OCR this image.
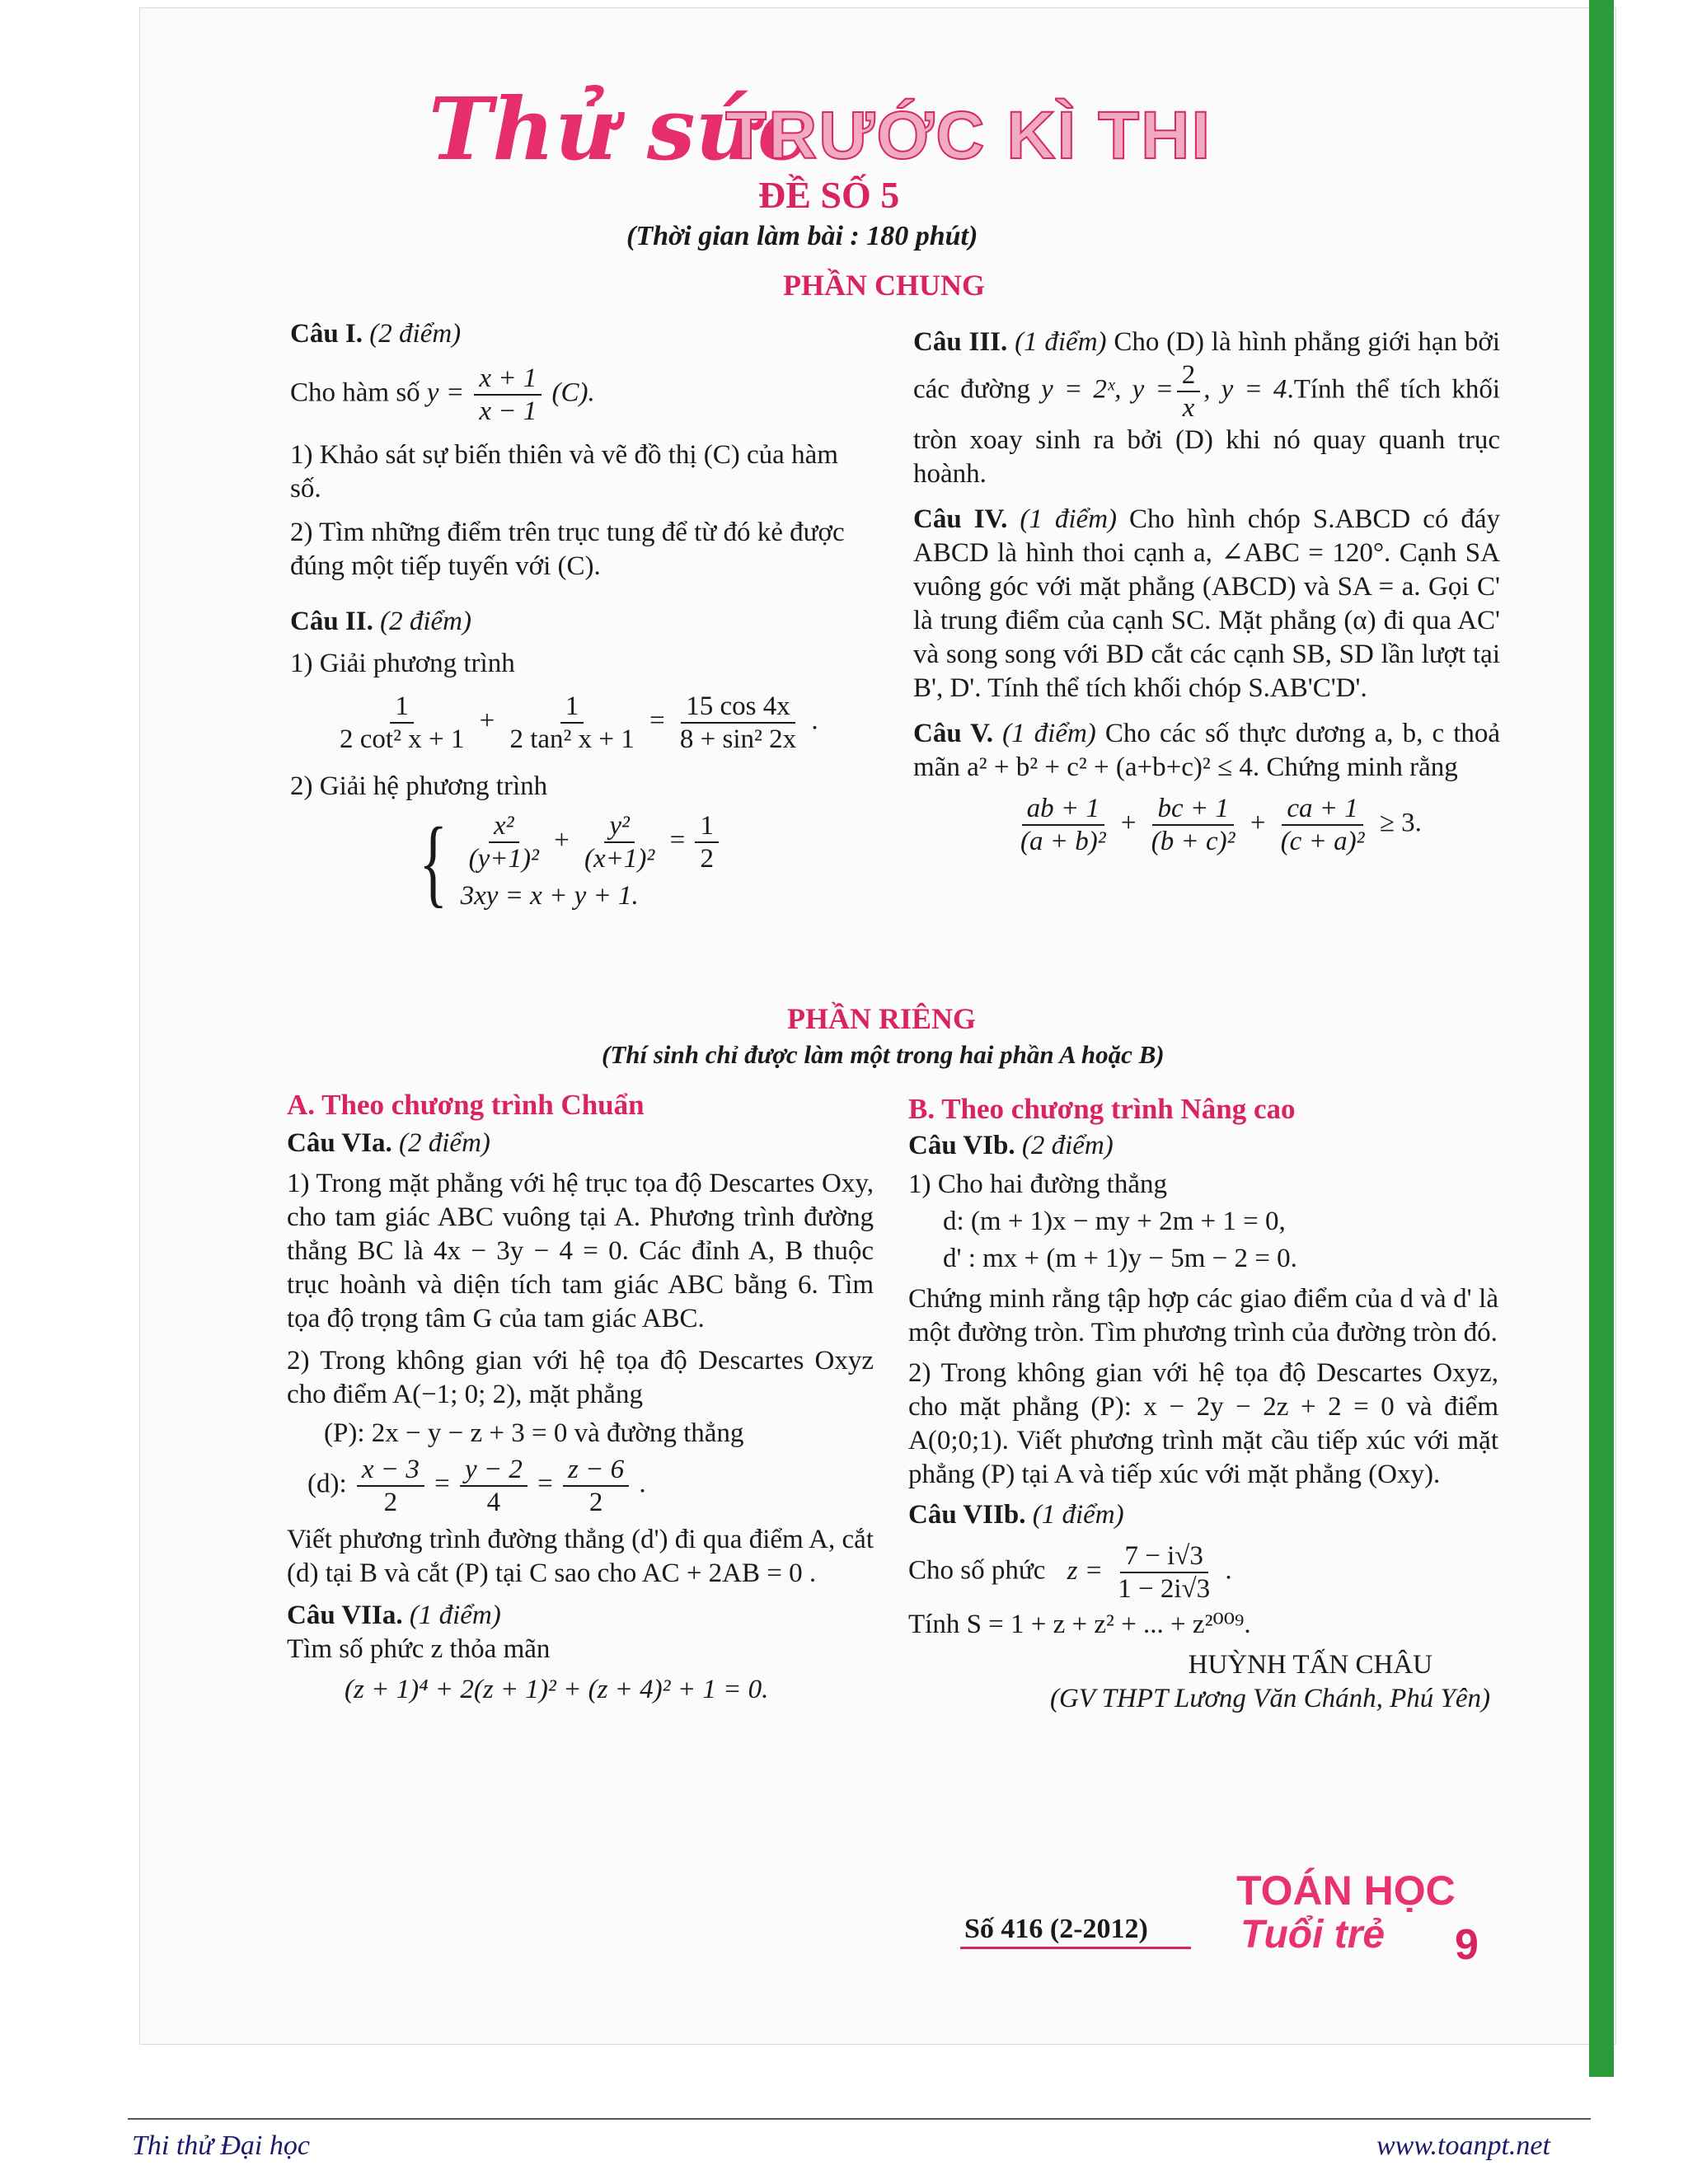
Thử sức
TRƯỚC KÌ THI
ĐỀ SỐ 5
(Thời gian làm bài : 180 phút)
PHẦN CHUNG

Câu I. (2 điểm)

Cho hàm số $y = \frac{x + 1}{x - 1} (C)$.

1) Khảo sát sự biến thiên và vẽ đồ thị (C) của hàm số.

2) Tìm những điểm trên trục tung để từ đó kẻ được đúng một tiếp tuyến với (C).

Câu II. (2 điểm)

1) Giải phương trình

$\frac{1}{\text{2 cot² x + 1}} + \frac{1}{\text{2 tan² x + 1}} = \frac{15 \cos 4x}{\text{8 + sin² 2x}}$ .

2) Giải hệ phương trình

{ $\frac{\text{x²}}{\text{(y+1)²}} + \frac{\text{y²}}{\text{(x+1)²}} = \frac{1}{2}$
3xy = x + y + 1.

Câu III. (1 điểm) Cho (D) là hình phẳng giới hạn bởi các đường y = 2ˣ, $y = \frac{2}{x}$ , y = 4.Tính thể tích khối tròn xoay sinh ra bởi (D) khi nó quay quanh trục hoành.

Câu IV. (1 điểm) Cho hình chóp S.ABCD có đáy ABCD là hình thoi cạnh a, ∠ABC = 120°. Cạnh SA vuông góc với mặt phẳng (ABCD) và SA = a. Gọi C' là trung điểm của cạnh SC. Mặt phẳng (α) đi qua AC' và song song với BD cắt các cạnh SB, SD lần lượt tại B', D'. Tính thể tích khối chóp S.AB'C'D'.

Câu V. (1 điểm) Cho các số thực dương a, b, c thoả mãn a² + b² + c² + (a+b+c)² ≤ 4. Chứng minh rằng

$\frac{ab + 1}{\text{(a + b)²}} + \frac{bc + 1}{\text{(b + c)²}} + \frac{ca + 1}{\text{(c + a)²}} \ge 3$.

PHẦN RIÊNG
(Thí sinh chỉ được làm một trong hai phần A hoặc B)

A. Theo chương trình Chuẩn

Câu VIa. (2 điểm)

1) Trong mặt phẳng với hệ trục tọa độ Descartes Oxy, cho tam giác ABC vuông tại A. Phương trình đường thẳng BC là 4x − 3y − 4 = 0. Các đỉnh A, B thuộc trục hoành và diện tích tam giác ABC bằng 6. Tìm tọa độ trọng tâm G của tam giác ABC.

2) Trong không gian với hệ tọa độ Descartes Oxyz cho điểm A(−1; 0; 2), mặt phẳng

(P): 2x − y − z + 3 = 0 và đường thẳng

(d): $\frac{x - 3}{2} = \frac{y - 2}{4} = \frac{z - 6}{2}$ .

Viết phương trình đường thẳng (d') đi qua điểm A, cắt (d) tại B và cắt (P) tại C sao cho AC + 2AB = 0 .

Câu VIIa. (1 điểm)

Tìm số phức z thỏa mãn

(z + 1)⁴ + 2(z + 1)² + (z + 4)² + 1 = 0.

B. Theo chương trình Nâng cao

Câu VIb. (2 điểm)

1) Cho hai đường thẳng

d: (m + 1)x − my + 2m + 1 = 0,

d' : mx + (m + 1)y − 5m − 2 = 0.

Chứng minh rằng tập hợp các giao điểm của d và d' là một đường tròn. Tìm phương trình của đường tròn đó.

2) Trong không gian với hệ tọa độ Descartes Oxyz, cho mặt phẳng (P): x − 2y − 2z + 2 = 0 và điểm A(0;0;1). Viết phương trình mặt cầu tiếp xúc với mặt phẳng (P) tại A và tiếp xúc với mặt phẳng (Oxy).

Câu VIIb. (1 điểm)

Cho số phức $z = \frac{7 - i√3}{1 - 2i√3}$ .

Tính S = 1 + z + z² + ... + z²⁰⁰⁹.

HUỲNH TẤN CHÂU

(GV THPT Lương Văn Chánh, Phú Yên)

Số 416 (2-2012)
TOÁN HỌC
Tuổi trẻ 9
Thi thử Đại học	www.toanpt.net
